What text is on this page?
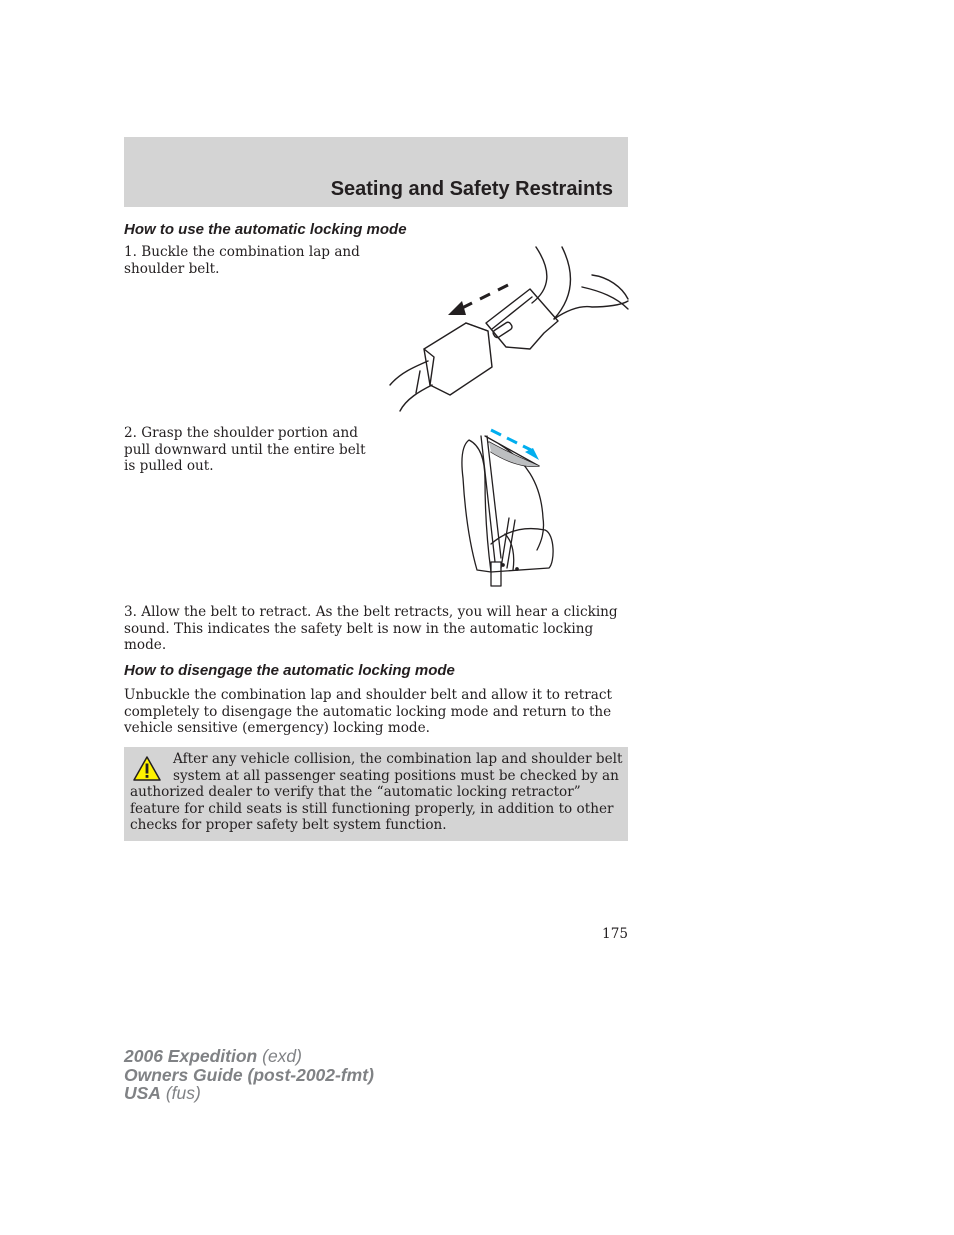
Seating and Safety Restraints
How to use the automatic locking mode
1. Buckle the combination lap and shoulder belt.
2. Grasp the shoulder portion and pull downward until the entire belt is pulled out.
3. Allow the belt to retract. As the belt retracts, you will hear a clicking sound. This indicates the safety belt is now in the automatic locking mode.
How to disengage the automatic locking mode
Unbuckle the combination lap and shoulder belt and allow it to retract completely to disengage the automatic locking mode and return to the vehicle sensitive (emergency) locking mode.
After any vehicle collision, the combination lap and shoulder belt system at all passenger seating positions must be checked by an authorized dealer to verify that the “automatic locking retractor” feature for child seats is still functioning properly, in addition to other checks for proper safety belt system function.
175
2006 Expedition (exd)
Owners Guide (post-2002-fmt)
USA (fus)
